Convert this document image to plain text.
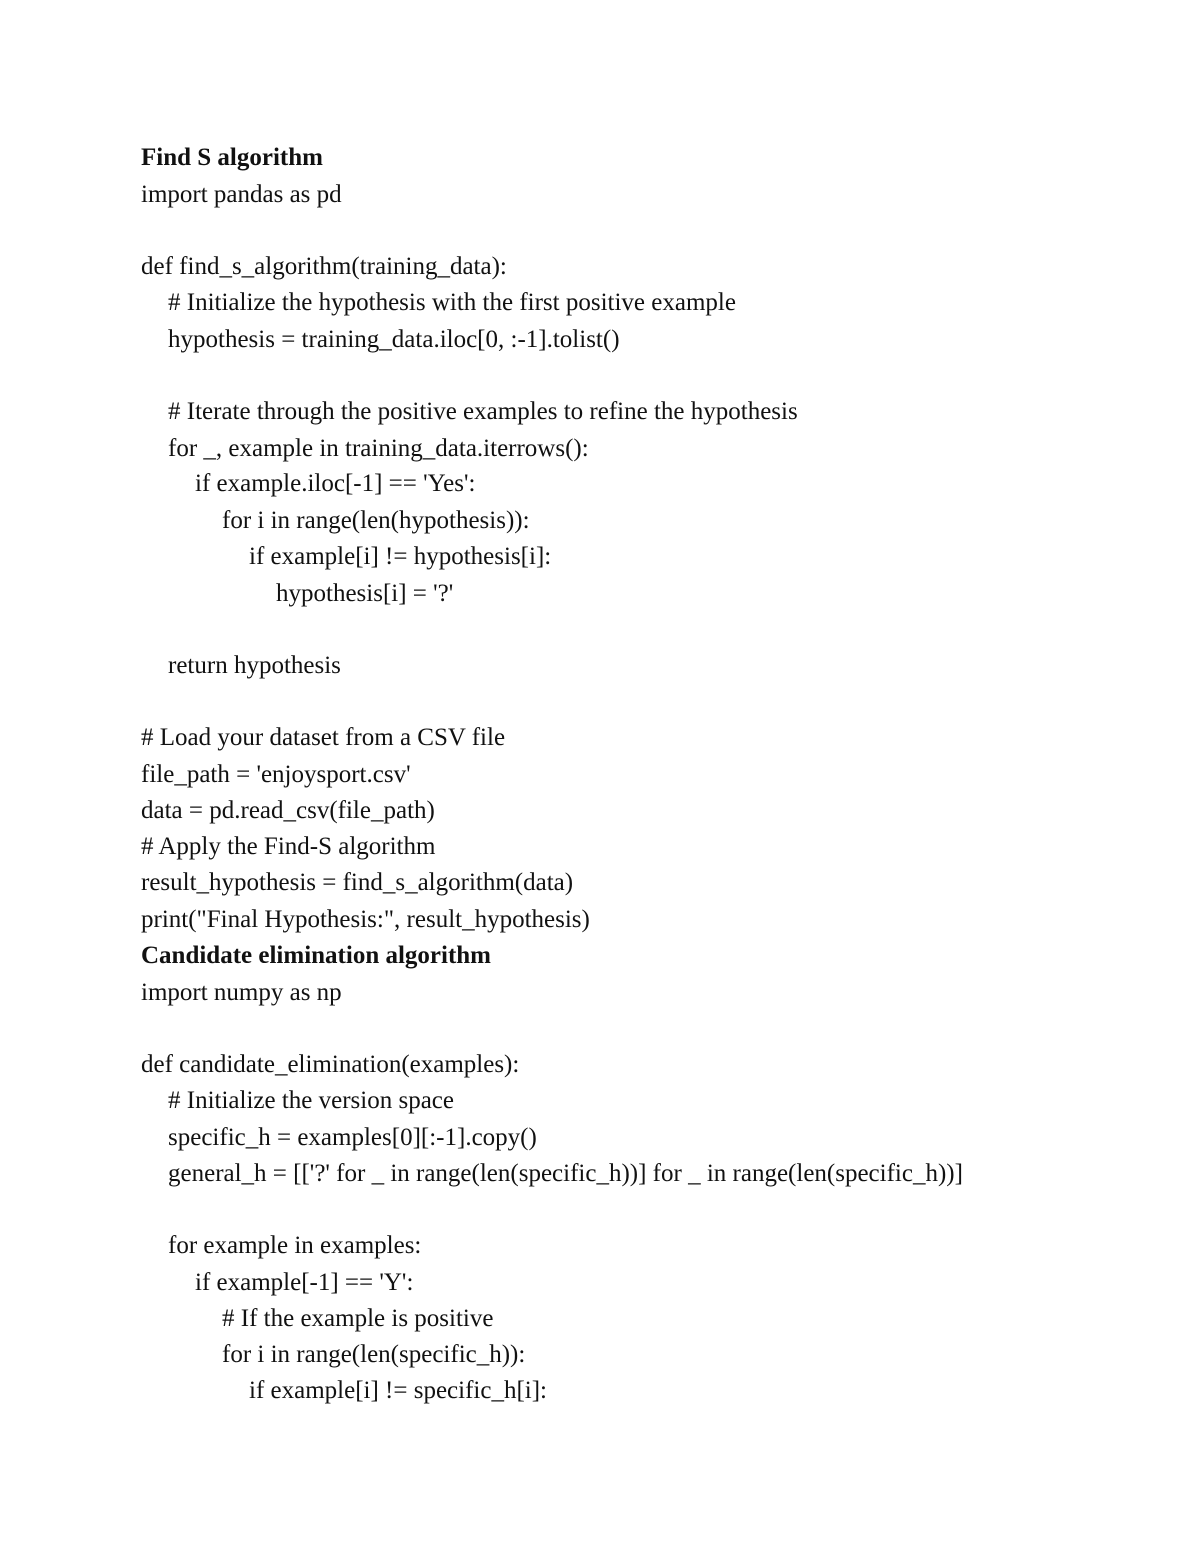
Find S algorithm
import pandas as pd
def find_s_algorithm(training_data):
# Initialize the hypothesis with the first positive example
hypothesis = training_data.iloc[0, :-1].tolist()
# Iterate through the positive examples to refine the hypothesis
for _, example in training_data.iterrows():
if example.iloc[-1] == 'Yes':
for i in range(len(hypothesis)):
if example[i] != hypothesis[i]:
hypothesis[i] = '?'
return hypothesis
# Load your dataset from a CSV file
file_path = 'enjoysport.csv'
data = pd.read_csv(file_path)
# Apply the Find-S algorithm
result_hypothesis = find_s_algorithm(data)
print("Final Hypothesis:", result_hypothesis)
Candidate elimination algorithm
import numpy as np
def candidate_elimination(examples):
# Initialize the version space
specific_h = examples[0][:-1].copy()
general_h = [['?' for _ in range(len(specific_h))] for _ in range(len(specific_h))]
for example in examples:
if example[-1] == 'Y':
# If the example is positive
for i in range(len(specific_h)):
if example[i] != specific_h[i]:
